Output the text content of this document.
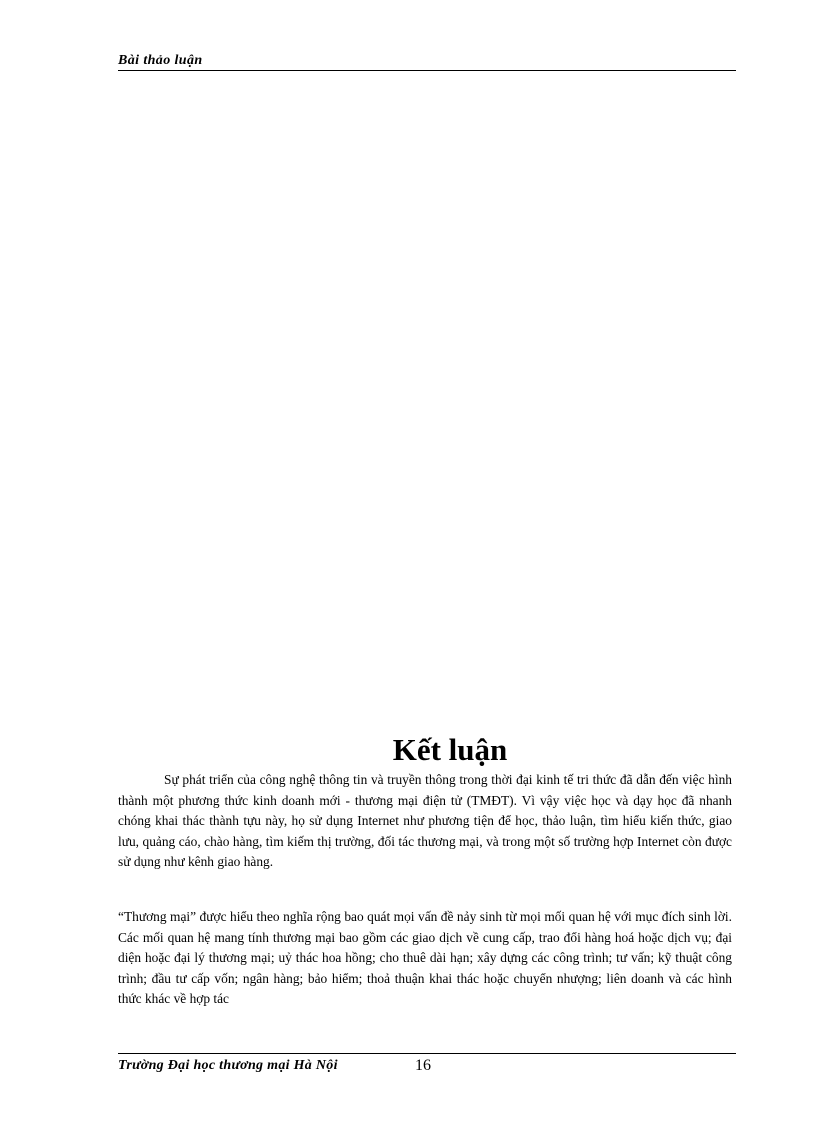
Bài thảo luận
Kết luận
Sự phát triển của công nghệ thông tin và truyền thông trong thời đại kinh tế tri thức đã dẫn đến việc hình thành một phương thức kinh doanh mới - thương mại điện tử (TMĐT). Vì vậy việc học và dạy học đã nhanh chóng khai thác thành tựu này, họ sử dụng Internet như phương tiện để học, thảo luận, tìm hiểu kiến thức, giao lưu, quảng cáo, chào hàng, tìm kiếm thị trường, đối tác thương mại, và trong một số trường hợp Internet còn được sử dụng như kênh giao hàng.
“Thương mại” được hiểu theo nghĩa rộng bao quát mọi vấn đề nảy sinh từ mọi mối quan hệ với mục đích sinh lời. Các mối quan hệ mang tính thương mại bao gồm các giao dịch về cung cấp, trao đổi hàng hoá hoặc dịch vụ; đại diện hoặc đại lý thương mại; uỷ thác hoa hồng; cho thuê dài hạn; xây dựng các công trình; tư vấn; kỹ thuật công trình; đầu tư cấp vốn; ngân hàng; bảo hiểm; thoả thuận khai thác hoặc chuyển nhượng; liên doanh và các hình thức khác về hợp tác
Trường Đại học thương mại Hà Nội	16
